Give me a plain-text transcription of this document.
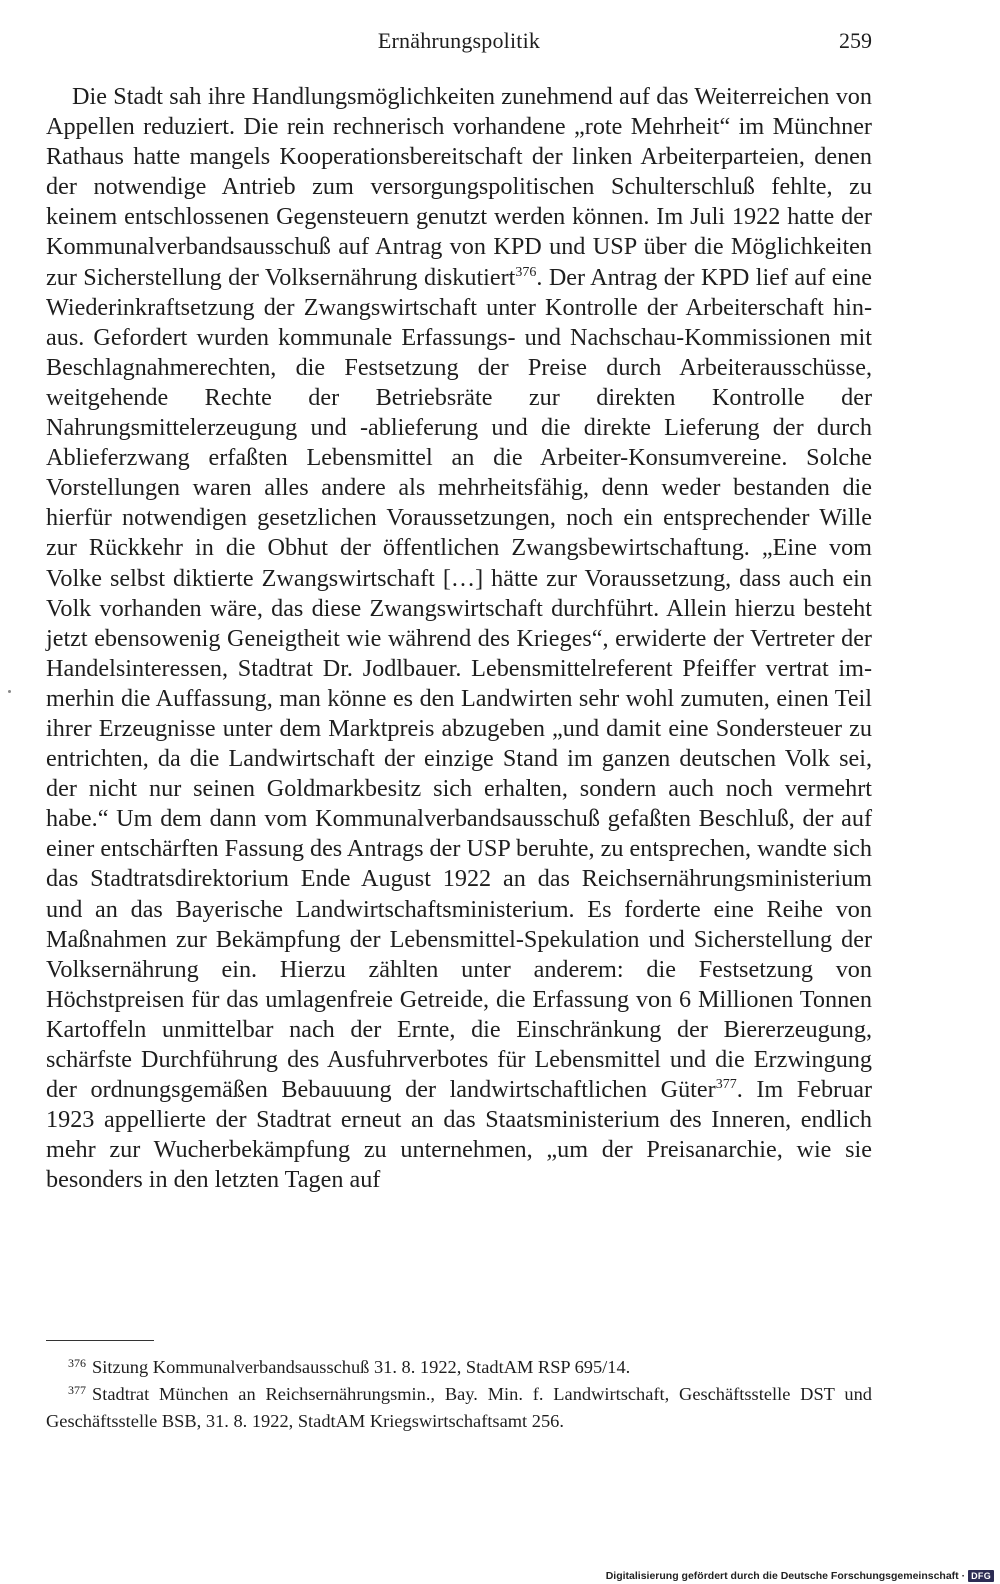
Ernährungspolitik	259

Die Stadt sah ihre Handlungsmöglichkeiten zunehmend auf das Weiterreichen von Appellen reduziert. Die rein rechnerisch vorhandene „rote Mehrheit“ im Münchner Rathaus hatte mangels Kooperationsbereitschaft der linken Arbeiterparteien, denen der notwendige Antrieb zum versorgungspolitischen Schulterschluß fehlte, zu keinem entschlossenen Gegensteuern genutzt werden können. Im Juli 1922 hatte der Kommunalverbandsausschuß auf Antrag von KPD und USP über die Möglichkeiten zur Sicherstellung der Volksernährung diskutiert$^{376}$. Der Antrag der KPD lief auf eine Wiederinkraftsetzung der Zwangswirtschaft unter Kontrolle der Arbeiterschaft hinaus. Gefordert wurden kommunale Erfassungs- und Nachschau-Kommissionen mit Beschlagnahmerechten, die Festsetzung der Preise durch Arbeiterausschüsse, weitgehende Rechte der Betriebsräte zur direkten Kontrolle der Nahrungsmittelerzeugung und -ablieferung und die direkte Lieferung der durch Ablieferzwang erfaßten Lebensmittel an die Arbeiter-Konsumvereine. Solche Vorstellungen waren alles andere als mehrheitsfähig, denn weder bestanden die hierfür notwendigen gesetzlichen Voraussetzungen, noch ein entsprechender Wille zur Rückkehr in die Obhut der öffentlichen Zwangsbewirtschaftung. „Eine vom Volke selbst diktierte Zwangswirtschaft […] hätte zur Voraussetzung, dass auch ein Volk vorhanden wäre, das diese Zwangswirtschaft durchführt. Allein hierzu besteht jetzt ebensowenig Geneigtheit wie während des Krieges“, erwiderte der Vertreter der Handelsinteressen, Stadtrat Dr. Jodlbauer. Lebensmittelreferent Pfeiffer vertrat immerhin die Auffassung, man könne es den Landwirten sehr wohl zumuten, einen Teil ihrer Erzeugnisse unter dem Marktpreis abzugeben „und damit eine Sondersteuer zu entrichten, da die Landwirtschaft der einzige Stand im ganzen deutschen Volk sei, der nicht nur seinen Goldmarkbesitz sich erhalten, sondern auch noch vermehrt habe.“ Um dem dann vom Kommunalverbandsausschuß gefaßten Beschluß, der auf einer entschärften Fassung des Antrags der USP beruhte, zu entsprechen, wandte sich das Stadtratsdirektorium Ende August 1922 an das Reichsernährungsministerium und an das Bayerische Landwirtschaftsministerium. Es forderte eine Reihe von Maßnahmen zur Bekämpfung der Lebensmittel-Spekulation und Sicherstellung der Volksernährung ein. Hierzu zählten unter anderem: die Festsetzung von Höchstpreisen für das umlagenfreie Getreide, die Erfassung von 6 Millionen Tonnen Kartoffeln unmittelbar nach der Ernte, die Einschränkung der Biererzeugung, schärfste Durchführung des Ausfuhrverbotes für Lebensmittel und die Erzwingung der ordnungsgemäßen Bebauuung der landwirtschaftlichen Güter$^{377}$. Im Februar 1923 appellierte der Stadtrat erneut an das Staatsministerium des Inneren, endlich mehr zur Wucherbekämpfung zu unternehmen, „um der Preisanarchie, wie sie besonders in den letzten Tagen auf

$^{376}$ Sitzung Kommunalverbandsausschuß 31. 8. 1922, StadtAM RSP 695/14.

$^{377}$ Stadtrat München an Reichsernährungsmin., Bay. Min. f. Landwirtschaft, Geschäftsstelle DST und Geschäftsstelle BSB, 31. 8. 1922, StadtAM Kriegswirtschaftsamt 256.

Digitalisierung gefördert durch die Deutsche Forschungsgemeinschaft · DFG
